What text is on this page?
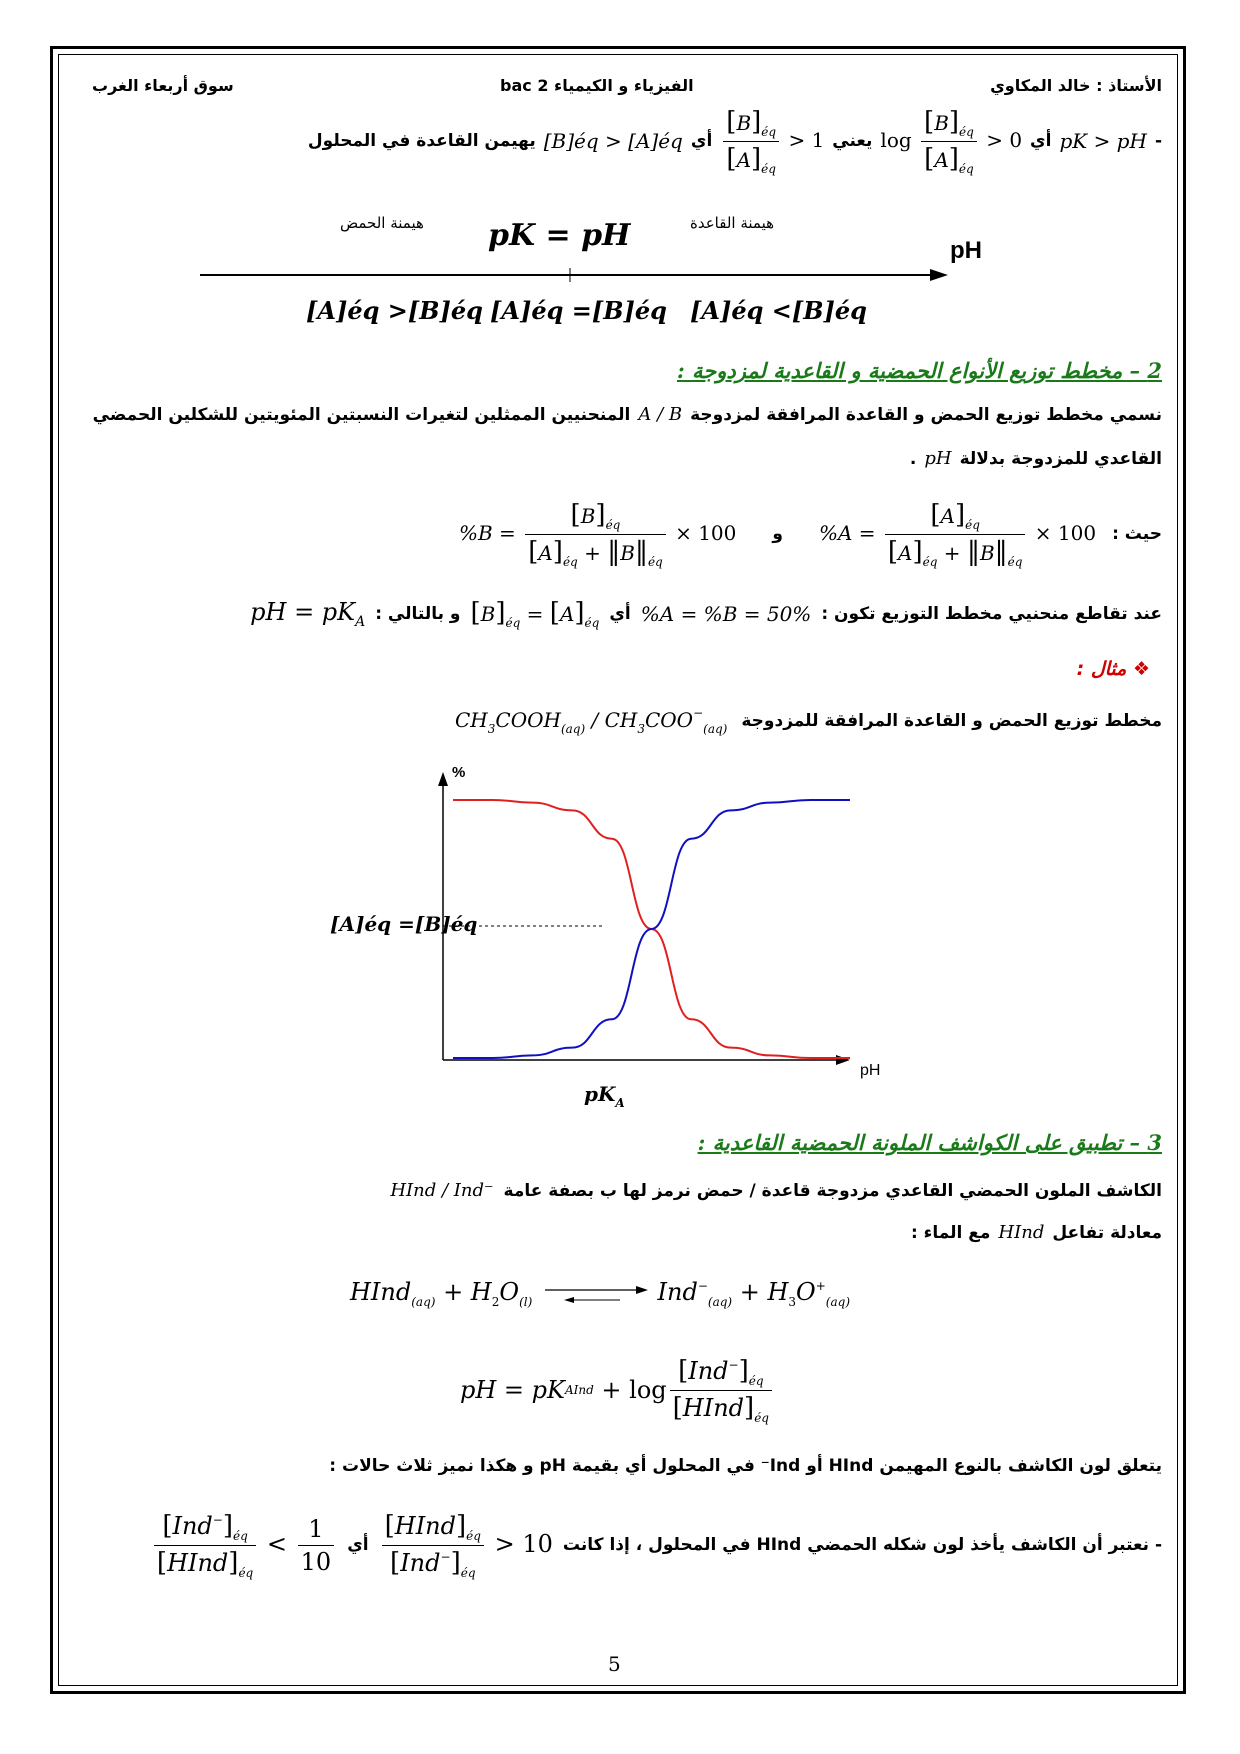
الأستاذ : خالد المكاوي
الفيزياء و الكيمياء 2 bac
سوق أربعاء الغرب
-
pK > pH
أي
$\log \frac{[B]_{éq}}{[A]_{éq}} > 0$
يعني
$\frac{[B]_{éq}}{[A]_{éq}} > 1$
أي
[B]éq > [A]éq
يهيمن القاعدة في المحلول
هيمنة الحمض	هيمنة القاعدة
pK = pH	pH
[A]éq >[B]éq [A]éq =[B]éq [A]éq <[B]éq
2 – مخطط توزيع الأنواع الحمضية و القاعدية لمزدوجة :
نسمي مخطط توزيع الحمض و القاعدة المرافقة لمزدوجة
A / B
المنحنيين الممثلين لتغيرات النسبتين المئويتين للشكلين الحمضي
القاعدي للمزدوجة بدلالة
pH
.
حيث :
$\%A = \frac{[A]_{éq}}{[A]_{éq} + ‖B‖_{éq}} \times 100$
و
$\%B = \frac{[B]_{éq}}{[A]_{éq} + ‖B‖_{éq}} \times 100$
عند تقاطع منحنيي مخطط التوزيع تكون :
%A = %B = 50%
أي
$[B]_{éq} = [A]_{éq}$
و بالتالي :
pH = $pK_A$
❖ مثال :
مخطط توزيع الحمض و القاعدة المرافقة للمزدوجة
$CH_3COOH_{(aq)} / CH_3COO^-_{(aq)}$
%
pH
$pK_A$
[A]éq =[B]éq
3 – تطبيق على الكواشف الملونة الحمضية القاعدية :
الكاشف الملون الحمضي القاعدي مزدوجة قاعدة / حمض نرمز لها ب بصفة عامة
HInd / Ind⁻
معادلة تفاعل
HInd
مع الماء :
HInd$_{(aq)}$ + $H_2O_{(l)}$	$Ind^-_{(aq)} + H_3O^+_{(aq)}$
pH = pK AInd + $\log \frac{[Ind^-]_{éq}}{[HInd]_{éq}}$
يتعلق لون الكاشف بالنوع المهيمن HInd أو Ind⁻ في المحلول أي بقيمة pH و هكذا نميز ثلاث حالات :
- نعتبر أن الكاشف يأخذ لون شكله الحمضي HInd في المحلول ، إذا كانت
$\frac{[HInd]_{éq}}{[Ind^-]_{éq}} > 10$
أي
$\frac{[Ind^-]_{éq}}{[HInd]_{éq}} < \frac{1}{10}$
5
